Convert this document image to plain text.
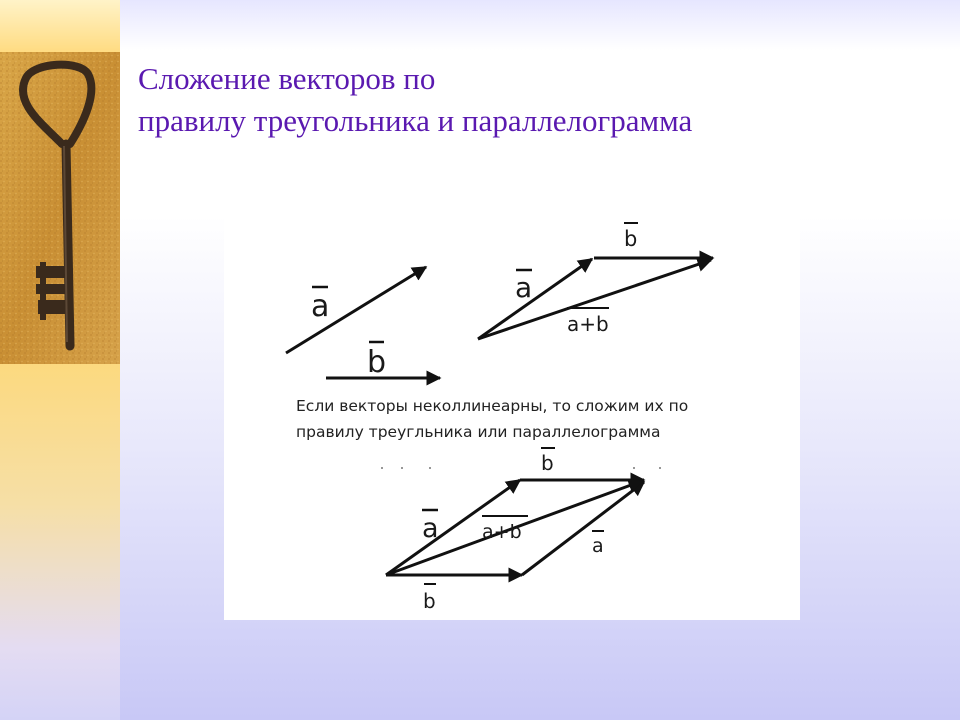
Сложение векторов по
правилу треугольника и параллелограмма
a
b
b
a
a+b
Если векторы неколлинеарны, то сложим их по
правилу треугльника или параллелограмма
b
a a+b
a
b
